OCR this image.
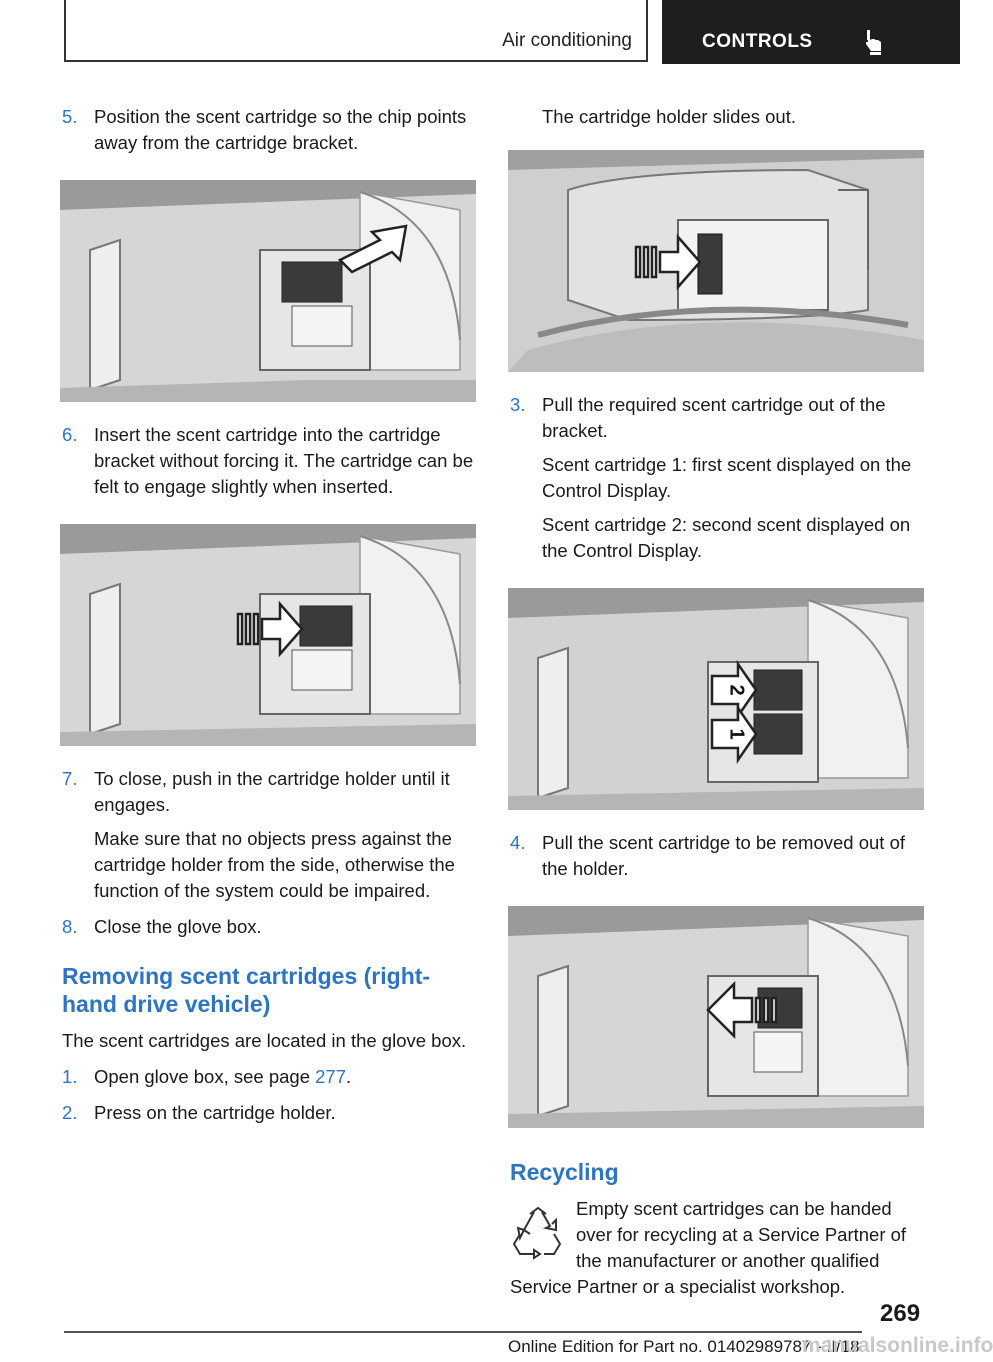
Air conditioning	CONTROLS
5. Position the scent cartridge so the chip points away from the cartridge bracket.

6. Insert the scent cartridge into the cartridge bracket without forcing it. The cartridge can be felt to engage slightly when inserted.

7. To close, push in the cartridge holder until it engages.

Make sure that no objects press against the cartridge holder from the side, otherwise the function of the system could be impaired.

8. Close the glove box.

Removing scent cartridges (right‐hand drive vehicle)
The scent cartridges are located in the glove box.
1. Open glove box, see page 277.

2. Press on the cartridge holder.

The cartridge holder slides out.
3. Pull the required scent cartridge out of the bracket.

Scent cartridge 1: first scent displayed on the Control Display.

Scent cartridge 2: second scent displayed on the Control Display.

2
1
4. Pull the scent cartridge to be removed out of the holder.

Recycling
Empty scent cartridges can be handed over for recycling at a Service Partner of the manufacturer or another qualified
Service Partner or a specialist workshop.
269
Online Edition for Part no. 01402989787 - II/18
manualsonline.info
